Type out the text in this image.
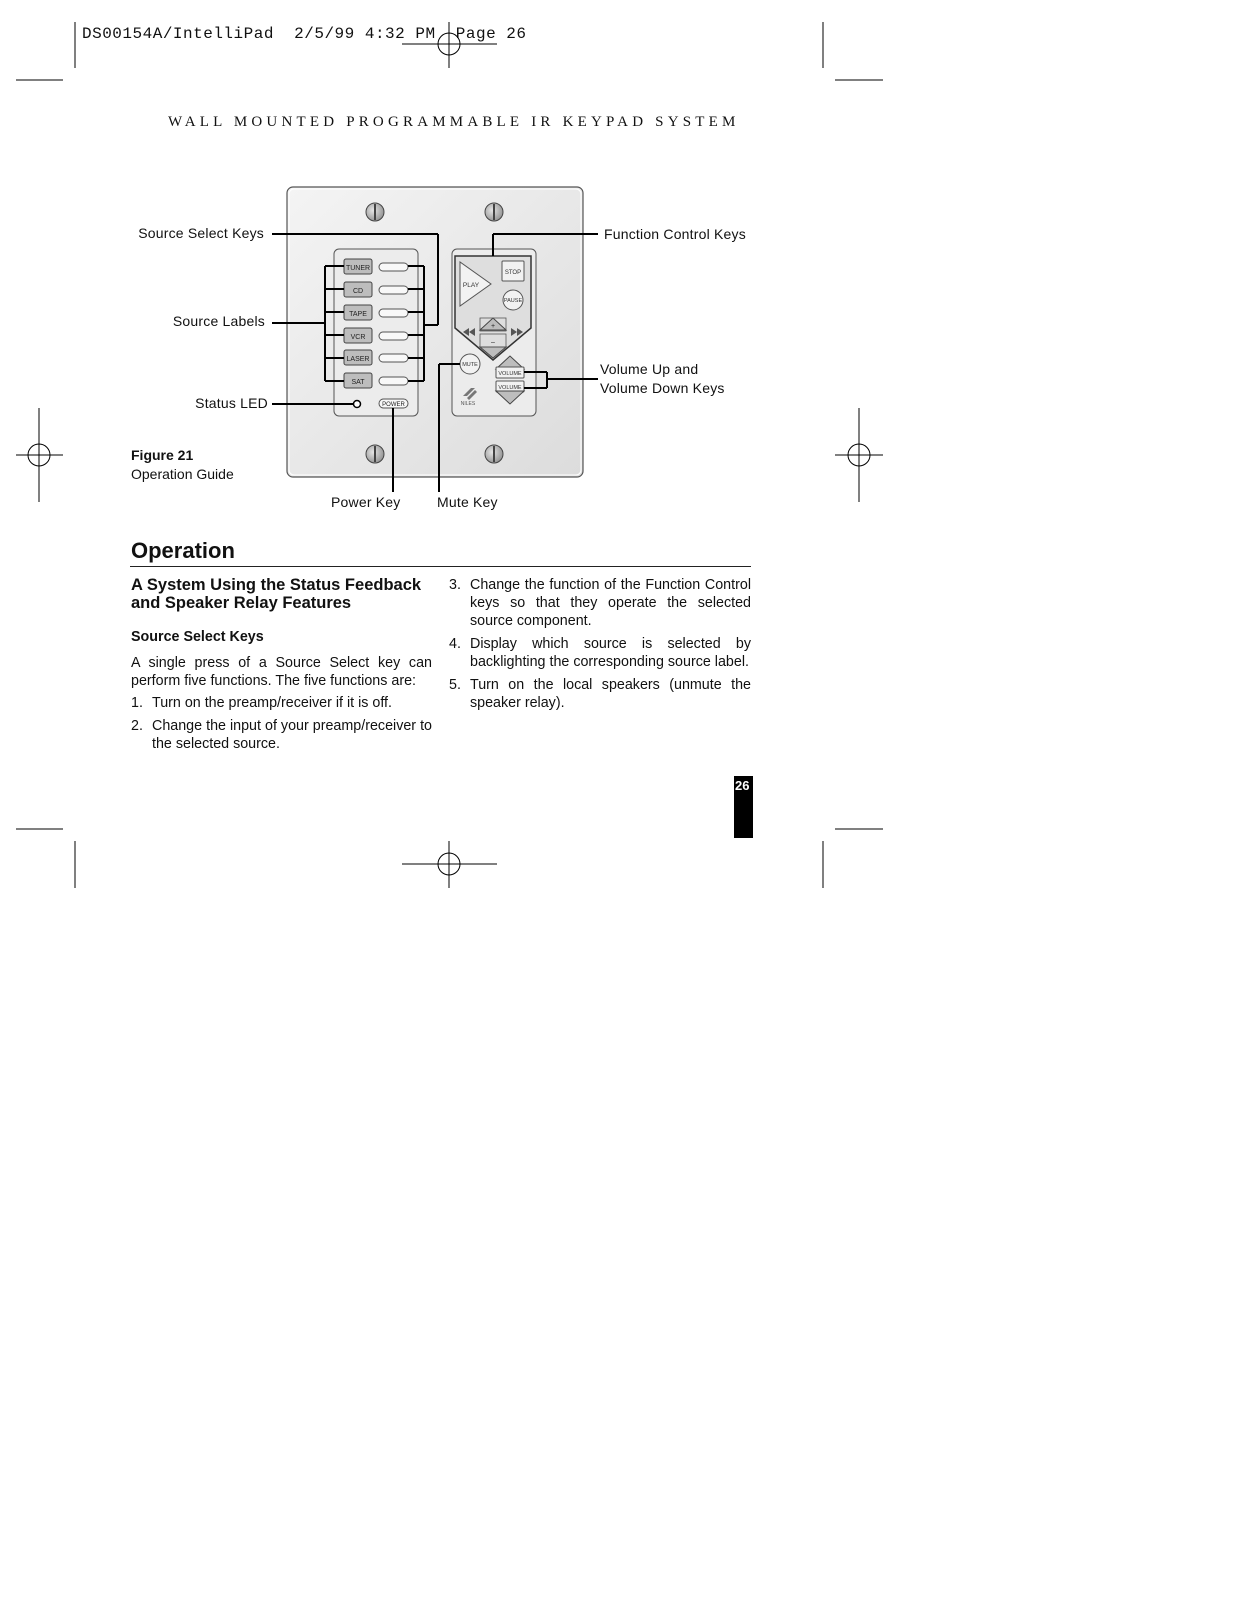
DS00154A/IntelliPad  2/5/99 4:32 PM  Page 26
WALL MOUNTED PROGRAMMABLE IR KEYPAD SYSTEM
TUNER
CD
TAPE
VCR
LASER
SAT
POWER
PLAY
STOP
PAUSE
+
–
MUTE
VOLUME
VOLUME
NILES
Source Select Keys
Source Labels
Status LED
Function Control Keys
Volume Up and
Volume Down Keys
Power Key	Mute Key
Figure 21
Operation Guide
Operation
A System Using the Status Feedback and Speaker Relay Features
Source Select Keys

A single press of a Source Select key can perform five functions. The five functions are:

1. Turn on the preamp/receiver if it is off.
2. Change the input of your preamp/receiver to the selected source.
3. Change the function of the Function Control keys so that they operate the selected source component.
4. Display which source is selected by backlighting the corresponding source label.
5. Turn on the local speakers (unmute the speaker relay).
26
